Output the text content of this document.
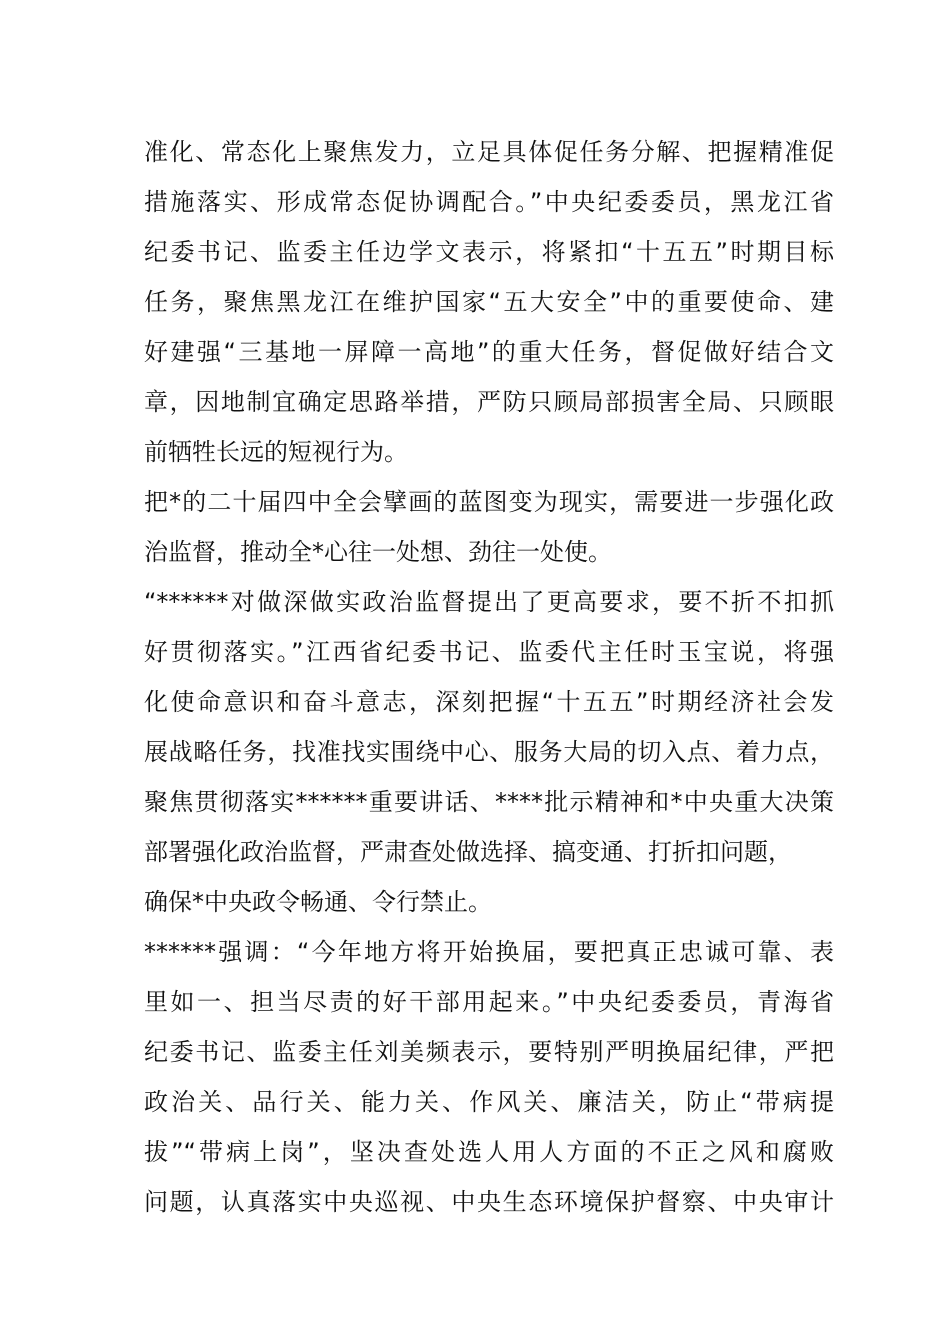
准化、常态化上聚焦发力，立足具体促任务分解、把握精准促
措施落实、形成常态促协调配合。”中央纪委委员，黑龙江省
纪委书记、监委主任边学文表示，将紧扣“十五五”时期目标
任务，聚焦黑龙江在维护国家“五大安全”中的重要使命、建
好建强“三基地一屏障一高地”的重大任务，督促做好结合文
章，因地制宜确定思路举措，严防只顾局部损害全局、只顾眼
前牺牲长远的短视行为。
把*的二十届四中全会擘画的蓝图变为现实，需要进一步强化政
治监督，推动全*心往一处想、劲往一处使。
“******对做深做实政治监督提出了更高要求，要不折不扣抓
好贯彻落实。”江西省纪委书记、监委代主任时玉宝说，将强
化使命意识和奋斗意志，深刻把握“十五五”时期经济社会发
展战略任务，找准找实围绕中心、服务大局的切入点、着力点，
聚焦贯彻落实******重要讲话、****批示精神和*中央重大决策
部署强化政治监督，严肃查处做选择、搞变通、打折扣问题，
确保*中央政令畅通、令行禁止。
******强调：“今年地方将开始换届，要把真正忠诚可靠、表
里如一、担当尽责的好干部用起来。”中央纪委委员，青海省
纪委书记、监委主任刘美频表示，要特别严明换届纪律，严把
政治关、品行关、能力关、作风关、廉洁关，防止“带病提
拔”“带病上岗”，坚决查处选人用人方面的不正之风和腐败
问题，认真落实中央巡视、中央生态环境保护督察、中央审计
